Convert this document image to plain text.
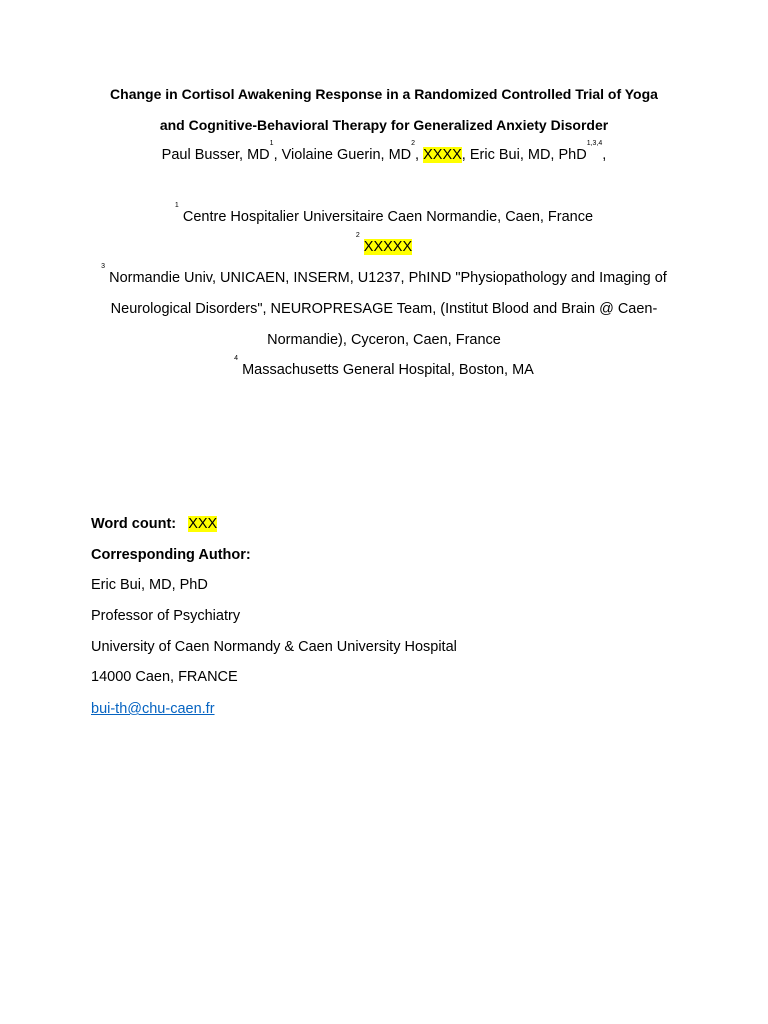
Change in Cortisol Awakening Response in a Randomized Controlled Trial of Yoga
and Cognitive-Behavioral Therapy for Generalized Anxiety Disorder
Paul Busser, $MD^1$, Violaine Guerin, $MD^2$, XXXX, Eric Bui, MD, PhD$^{1,3,4}$,
$^1$ Centre Hospitalier Universitaire Caen Normandie, Caen, France
$^2$ XXXXX
$^3$ Normandie Univ, UNICAEN, INSERM, U1237, PhIND "Physiopathology and Imaging of
Neurological Disorders", NEUROPRESAGE Team, (Institut Blood and Brain @ Caen-
Normandie), Cyceron, Caen, France
$^4$ Massachusetts General Hospital, Boston, MA
Word count: XXX
Corresponding Author:
Eric Bui, MD, PhD
Professor of Psychiatry
University of Caen Normandy & Caen University Hospital
14000 Caen, FRANCE
bui-th@chu-caen.fr
